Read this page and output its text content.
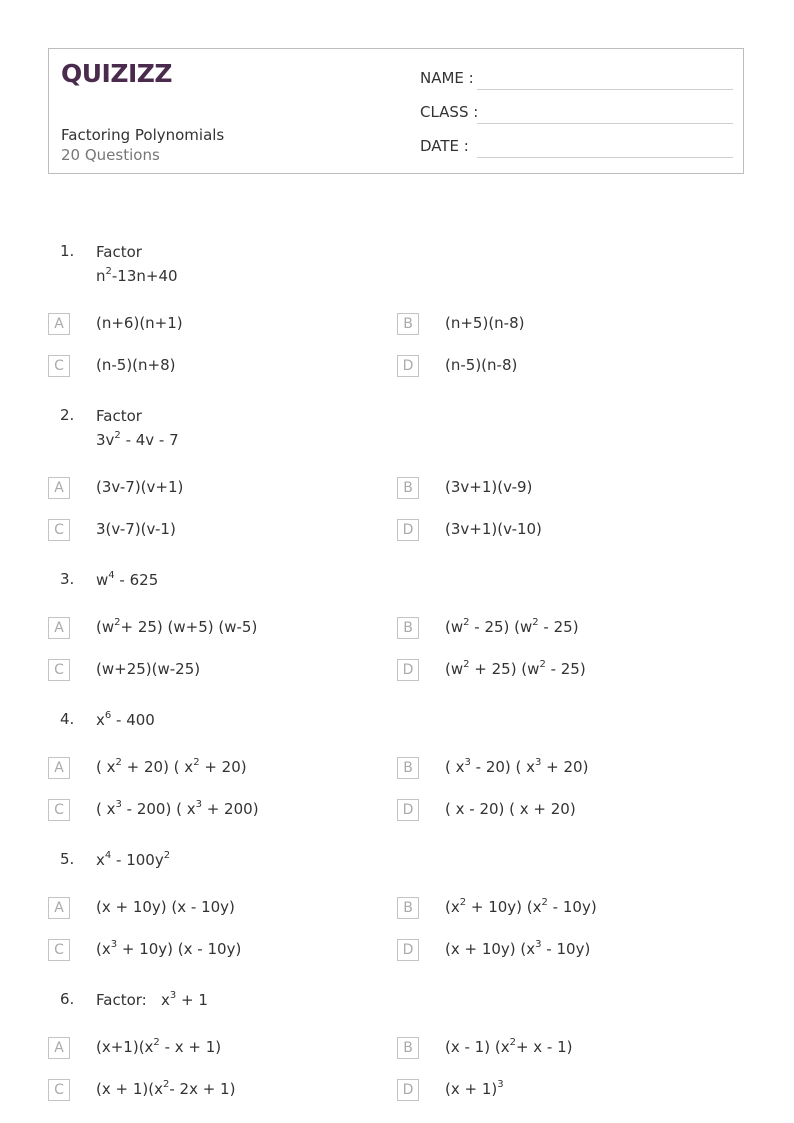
QUIZIZZ
Factoring Polynomials
20 Questions
NAME :
CLASS :
DATE :
1. Factor
$n^2-13n+40$
A	(n+6)(n+1)	B	(n+5)(n-8)
C	(n-5)(n+8)	D	(n-5)(n-8)
2. Factor
$3v^2 - 4v - 7$
A	(3v-7)(v+1)	B	(3v+1)(v-9)
C	3(v-7)(v-1)	D	(3v+1)(v-10)
3. $w^4 - 625$
A	$(w^2+ 25)$ (w+5) (w-5)	B	$(w^2 - 25)$ $(w^2 - 25)$
C	(w+25)(w-25)	D	$(w^2 + 25)$ $(w^2 - 25)$
4. $x^6 - 400$
A	( $x^2 + 20$) ( $x^2 + 20$)	B	( $x^3 - 20$) ( $x^3 + 20$)
C	( $x^3 - 200$) ( $x^3 + 200$)	D	( x - 20) ( x + 20)
5. $x^4 - 100y^2$
A	(x + 10y) (x - 10y)	B	$(x^2 + 10y)$ $(x^2 - 10y)$
C	$(x^3 + 10y)$ (x - 10y)	D	(x + 10y) $(x^3 - 10y)$
6. Factor:   $x^3 + 1$
A	$(x+1)(x^2 - x + 1)$	B	(x - 1) $(x^2+ x - 1)$
C	$(x + 1)(x^2-$ 2x + 1)	D	$(x + 1)^3$
